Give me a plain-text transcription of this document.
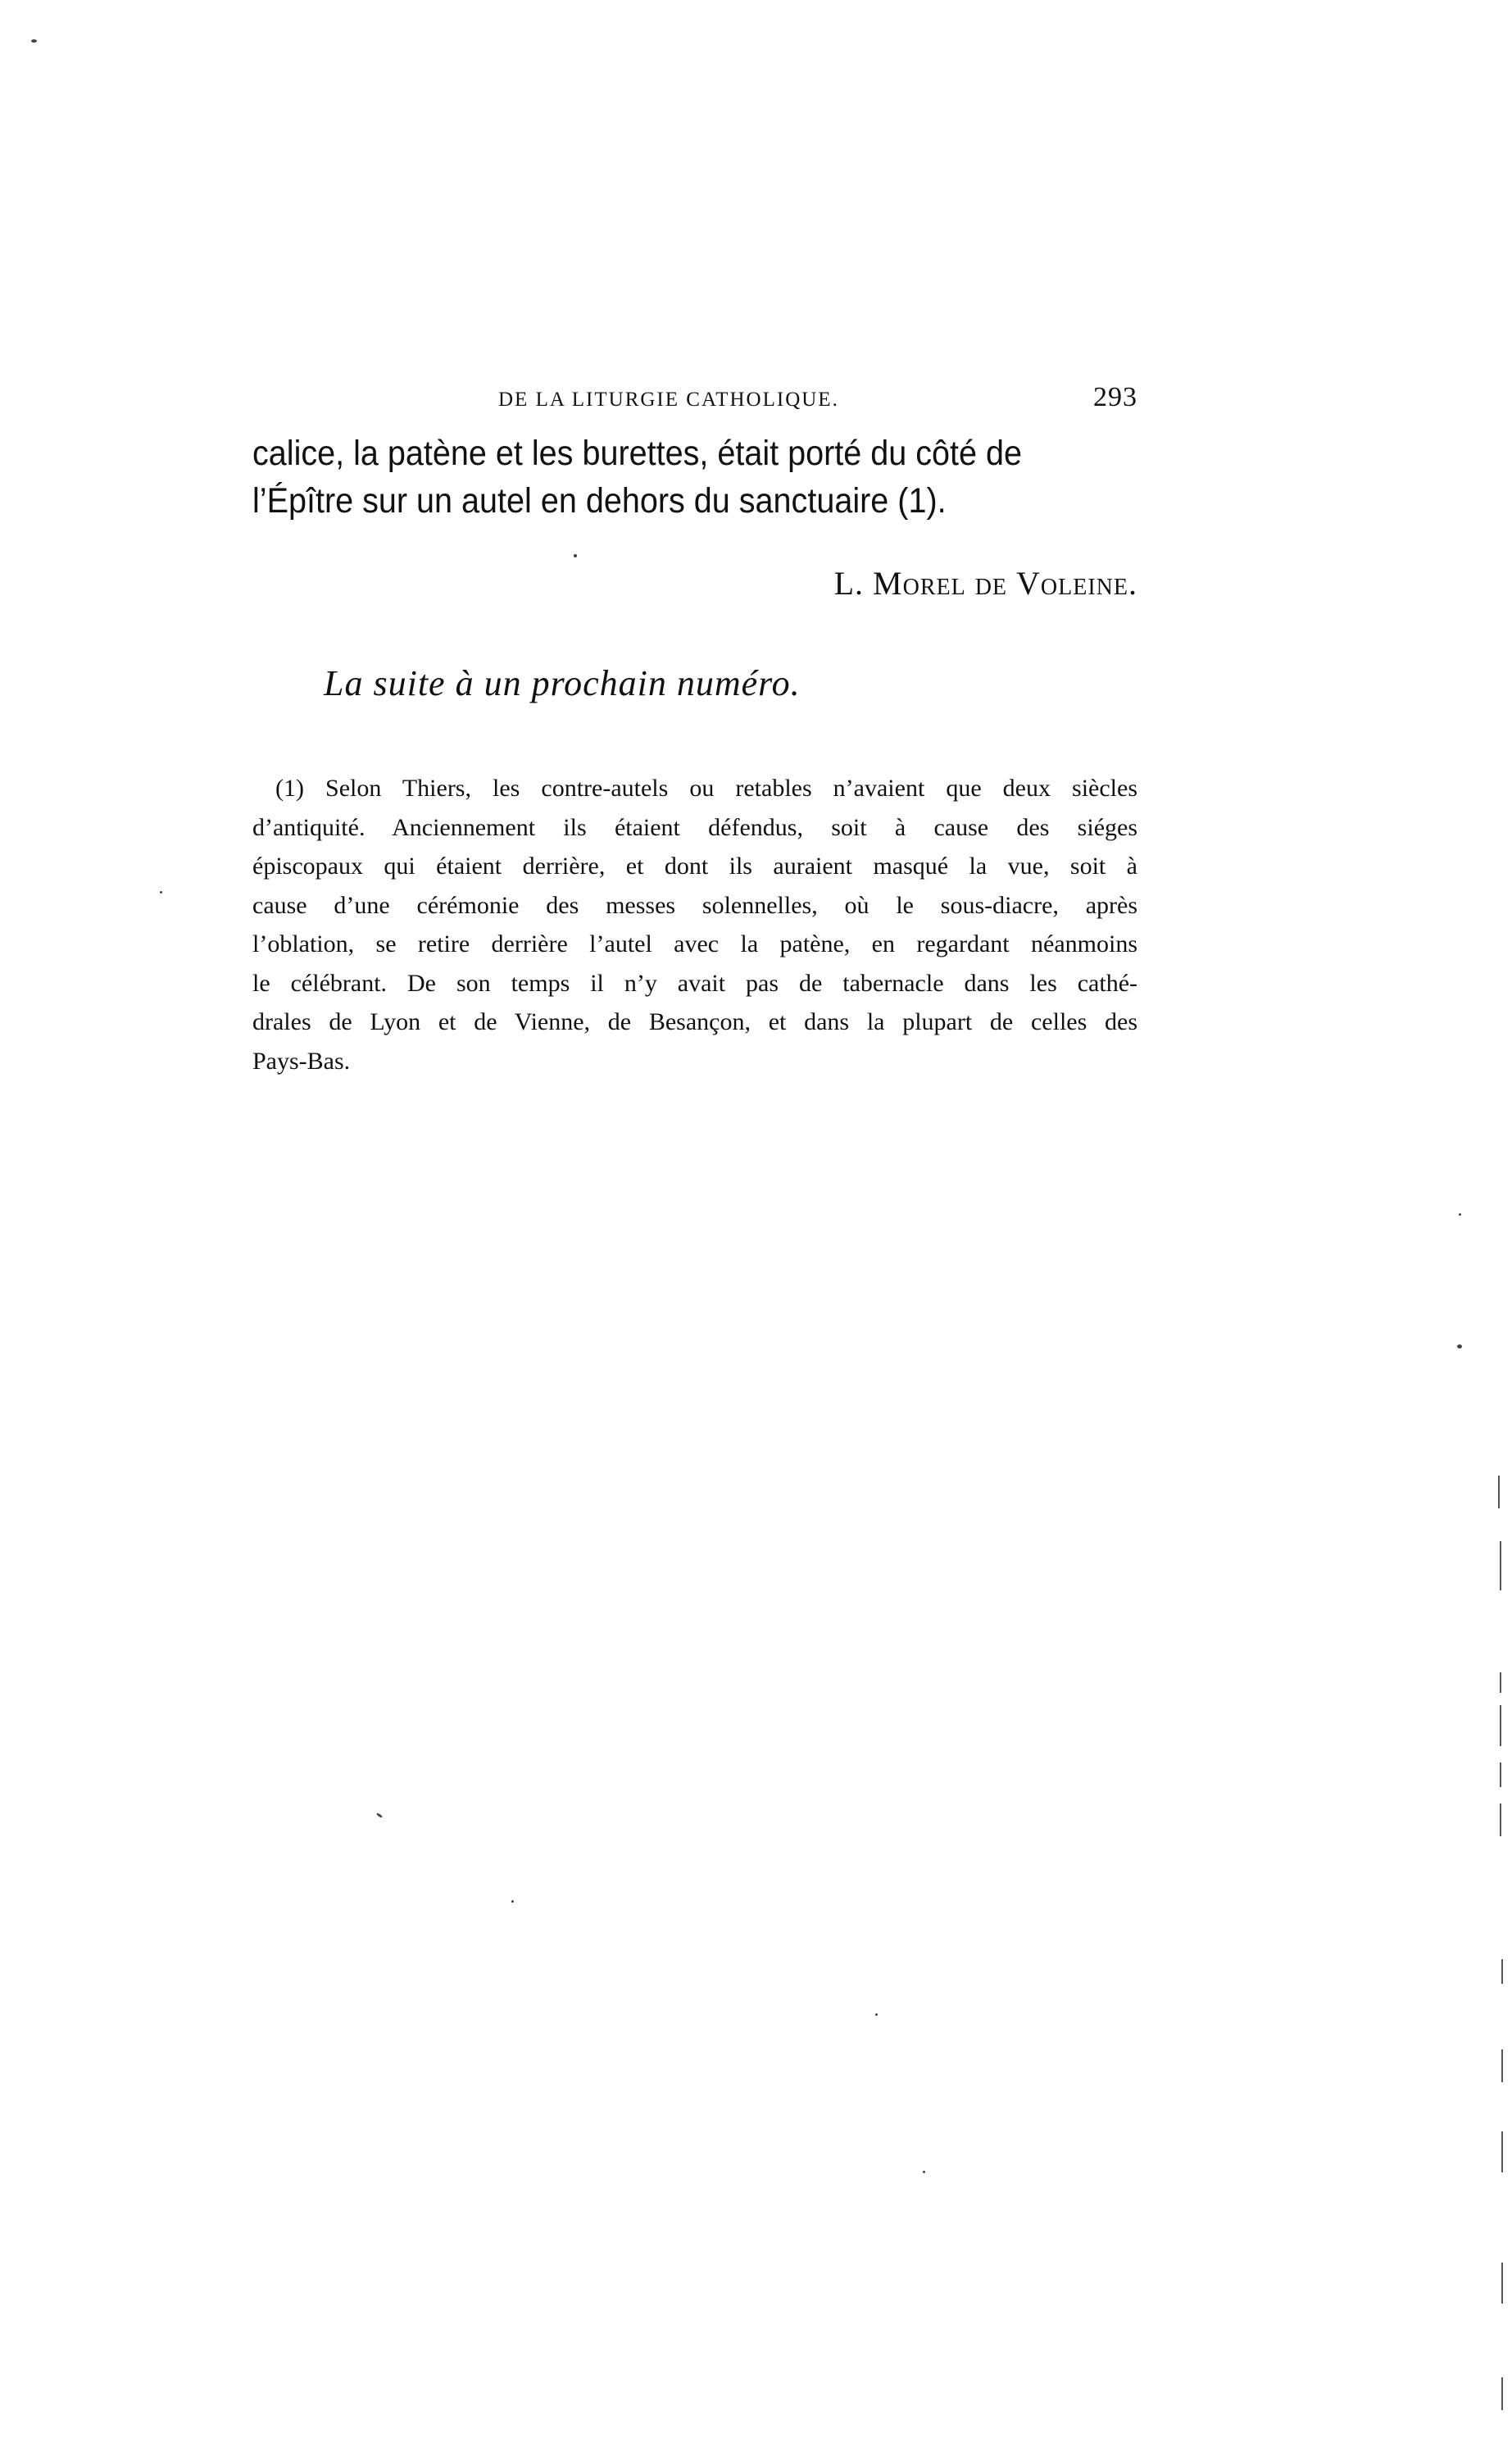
DE LA LITURGIE CATHOLIQUE.	293
calice, la patène et les burettes, était porté du côté de
l’Épître sur un autel en dehors du sanctuaire (1).
L. Morel de Voleine.
La suite à un prochain numéro.
(1) Selon Thiers, les contre-autels ou retables n’avaient que deux siècles
d’antiquité. Anciennement ils étaient défendus, soit à cause des siéges
épiscopaux qui étaient derrière, et dont ils auraient masqué la vue, soit à
cause d’une cérémonie des messes solennelles, où le sous-diacre, après
l’oblation, se retire derrière l’autel avec la patène, en regardant néanmoins
le célébrant. De son temps il n’y avait pas de tabernacle dans les cathé-
drales de Lyon et de Vienne, de Besançon, et dans la plupart de celles des
Pays-Bas.
